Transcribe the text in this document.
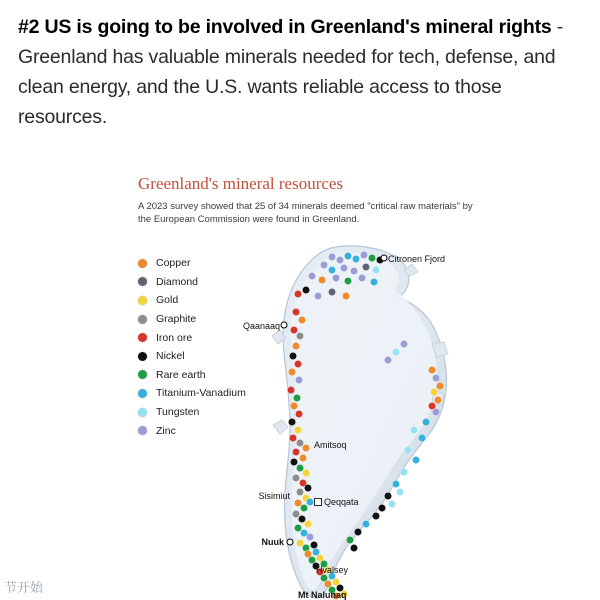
#2 US is going to be involved in Greenland's mineral rights - Greenland has valuable minerals needed for tech, defense, and clean energy, and the U.S. wants reliable access to those resources.
Greenland's mineral resources
A 2023 survey showed that 25 of 34 minerals deemed "critical raw materials" by the European Commission were found in Greenland.
Copper
Diamond
Gold
Graphite
Iron ore
Nickel
Rare earth
Titanium-Vanadium
Tungsten
Zinc
Citronen Fjord
Qaanaaq
Amitsoq
Sisimiut
Qeqqata
Nuuk
Hvalsey
Mt Nalunaq
节开始
